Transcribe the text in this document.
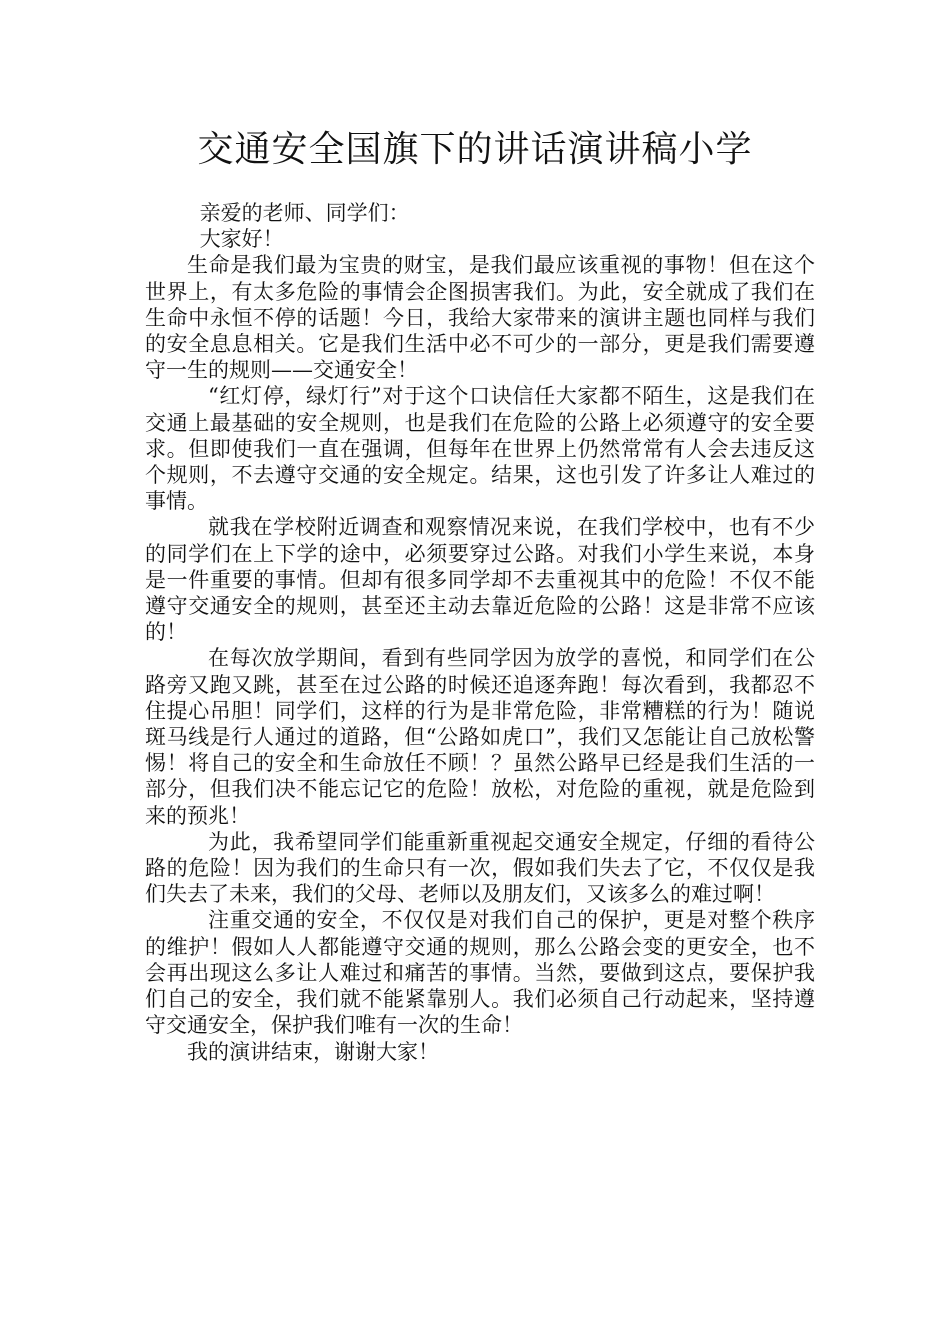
交通安全国旗下的讲话演讲稿小学

亲爱的老师、同学们：

大家好！

生命是我们最为宝贵的财宝，是我们最应该重视的事物！但在这个世界上，有太多危险的事情会企图损害我们。为此，安全就成了我们在生命中永恒不停的话题！今日，我给大家带来的演讲主题也同样与我们的安全息息相关。它是我们生活中必不可少的一部分，更是我们需要遵守一生的规则——交通安全！

“红灯停，绿灯行”对于这个口诀信任大家都不陌生，这是我们在交通上最基础的安全规则，也是我们在危险的公路上必须遵守的安全要求。但即使我们一直在强调，但每年在世界上仍然常常有人会去违反这个规则，不去遵守交通的安全规定。结果，这也引发了许多让人难过的事情。

就我在学校附近调查和观察情况来说，在我们学校中，也有不少的同学们在上下学的途中，必须要穿过公路。对我们小学生来说，本身是一件重要的事情。但却有很多同学却不去重视其中的危险！不仅不能遵守交通安全的规则，甚至还主动去靠近危险的公路！这是非常不应该的！

在每次放学期间，看到有些同学因为放学的喜悦，和同学们在公路旁又跑又跳，甚至在过公路的时候还追逐奔跑！每次看到，我都忍不住提心吊胆！同学们，这样的行为是非常危险，非常糟糕的行为！随说斑马线是行人通过的道路，但“公路如虎口”，我们又怎能让自己放松警惕！将自己的安全和生命放任不顾！？虽然公路早已经是我们生活的一部分，但我们决不能忘记它的危险！放松，对危险的重视，就是危险到来的预兆！

为此，我希望同学们能重新重视起交通安全规定，仔细的看待公路的危险！因为我们的生命只有一次，假如我们失去了它，不仅仅是我们失去了未来，我们的父母、老师以及朋友们，又该多么的难过啊！

注重交通的安全，不仅仅是对我们自己的保护，更是对整个秩序的维护！假如人人都能遵守交通的规则，那么公路会变的更安全，也不会再出现这么多让人难过和痛苦的事情。当然，要做到这点，要保护我们自己的安全，我们就不能紧靠别人。我们必须自己行动起来，坚持遵守交通安全，保护我们唯有一次的生命！

我的演讲结束，谢谢大家！
